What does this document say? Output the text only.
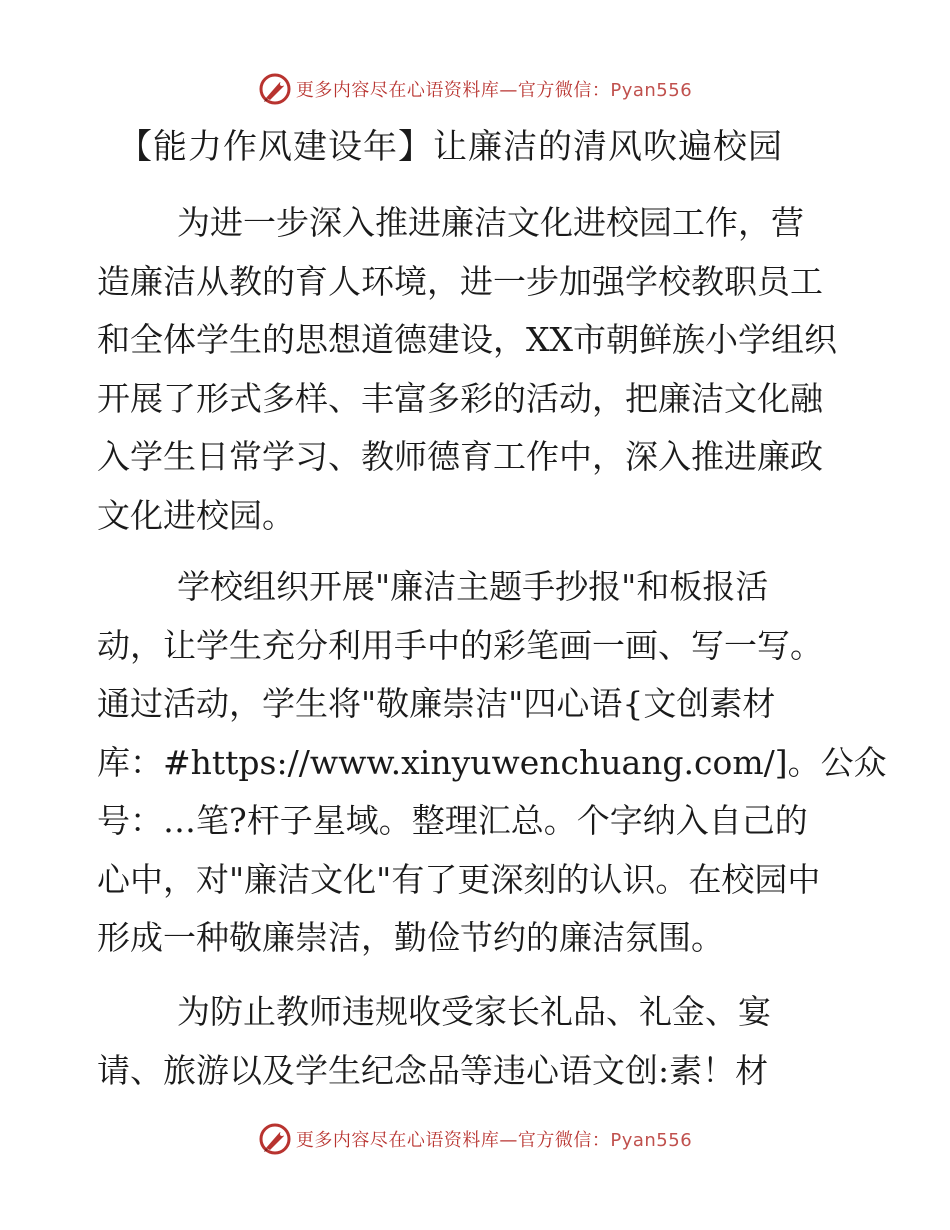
更多内容尽在心语资料库—官方微信：Pyan556
【能力作风建设年】让廉洁的清风吹遍校园
为进一步深入推进廉洁文化进校园工作，营
造廉洁从教的育人环境，进一步加强学校教职员工
和全体学生的思想道德建设，XX市朝鲜族小学组织
开展了形式多样、丰富多彩的活动，把廉洁文化融
入学生日常学习、教师德育工作中，深入推进廉政
文化进校园。
学校组织开展"廉洁主题手抄报"和板报活
动，让学生充分利用手中的彩笔画一画、写一写。
通过活动，学生将"敬廉崇洁"四心语{文创素材
库：#https://www.xinyuwenchuang.com/]。公众
号：…笔?杆子星域。整理汇总。个字纳入自己的
心中，对"廉洁文化"有了更深刻的认识。在校园中
形成一种敬廉崇洁，勤俭节约的廉洁氛围。
为防止教师违规收受家长礼品、礼金、宴
请、旅游以及学生纪念品等违心语文创:素！材
更多内容尽在心语资料库—官方微信：Pyan556
